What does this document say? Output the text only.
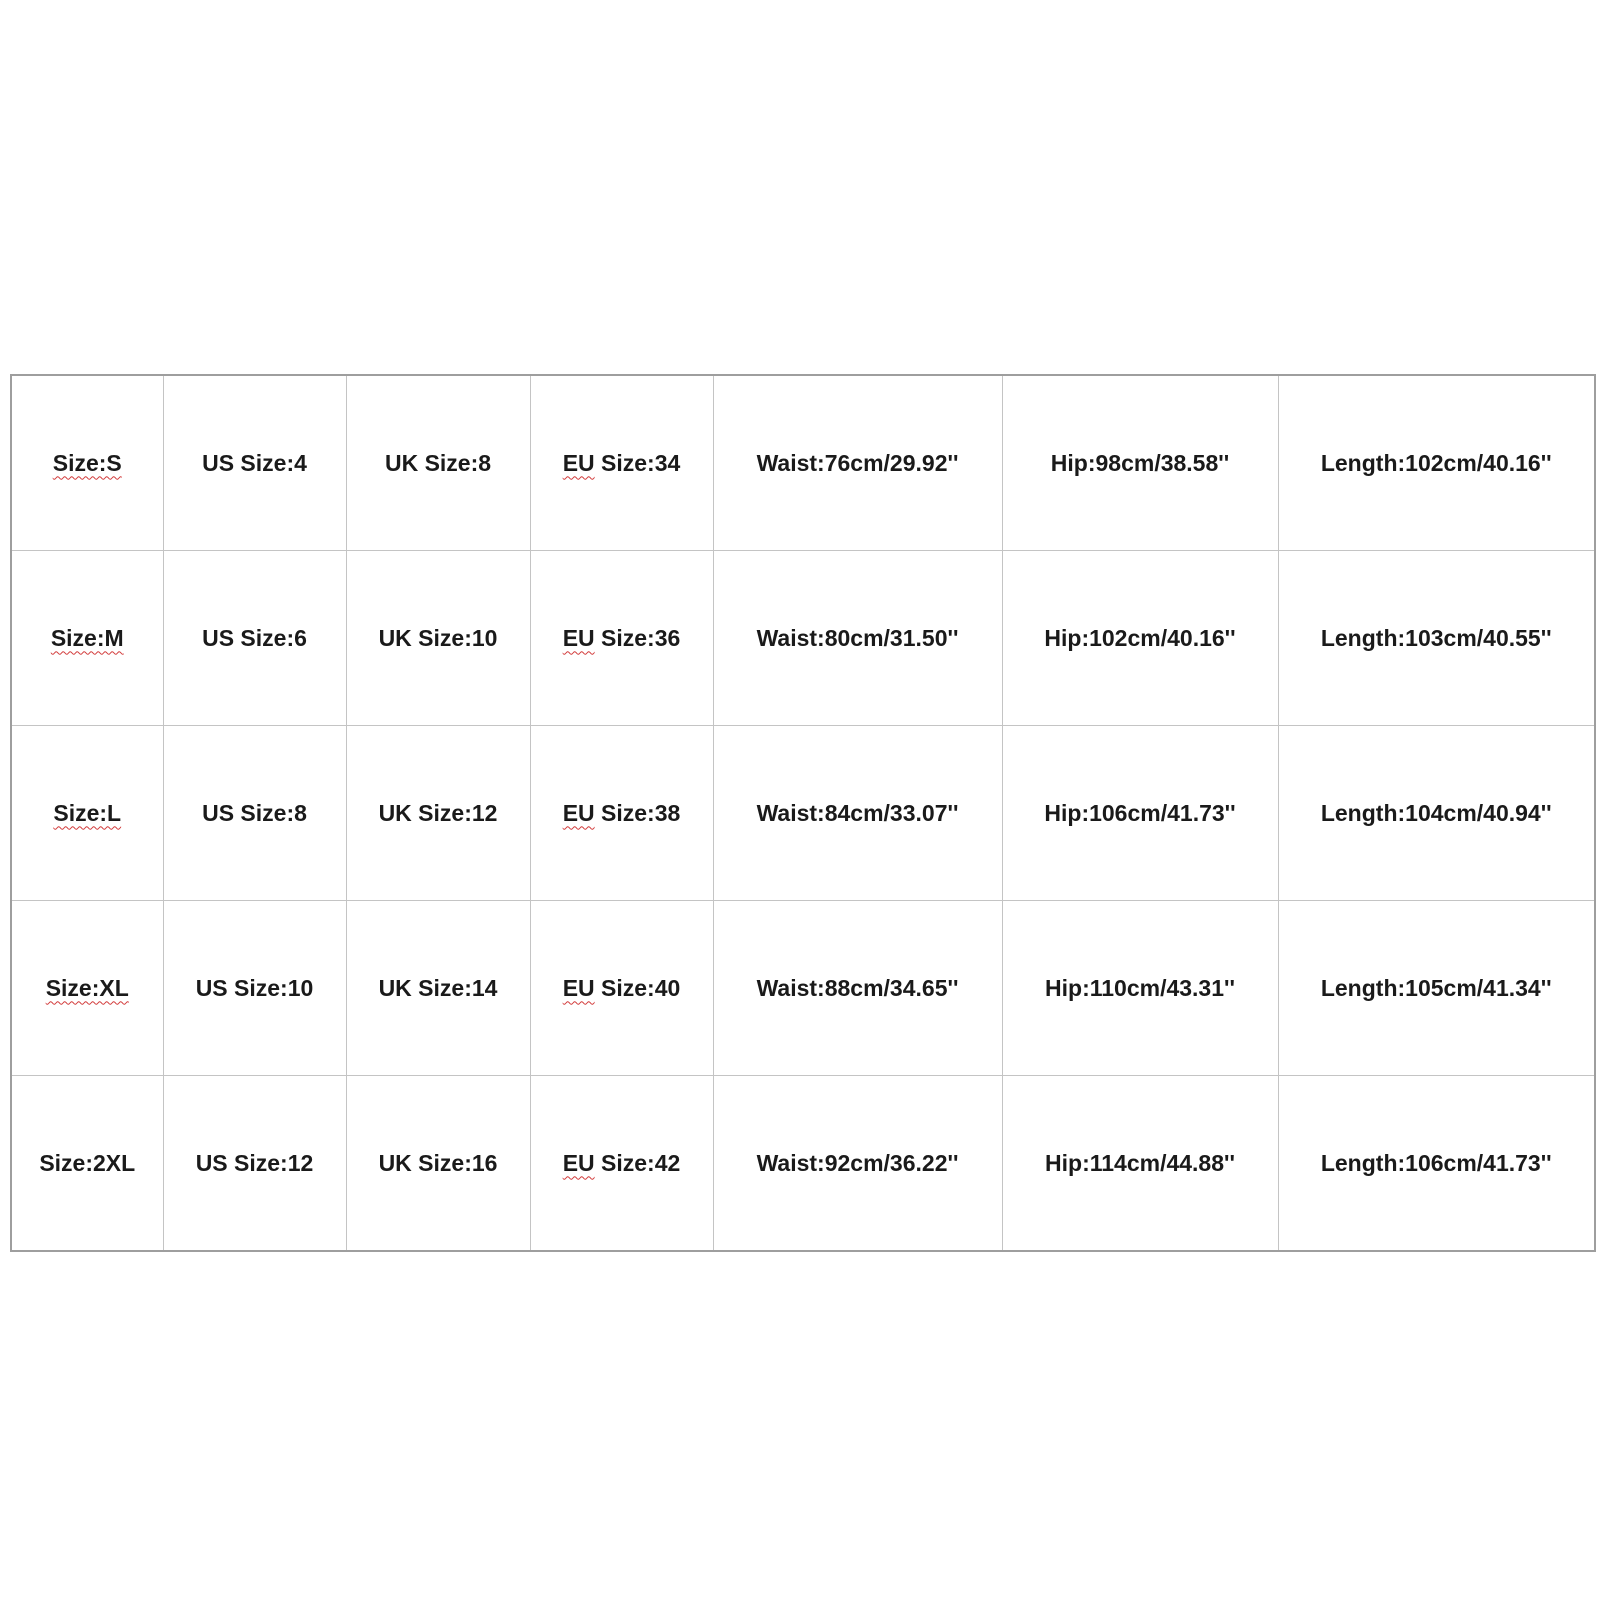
Size:S	US Size:4	UK Size:8	EU Size:34	Waist:76cm/29.92''	Hip:98cm/38.58''	Length:102cm/40.16''
Size:M	US Size:6	UK Size:10	EU Size:36	Waist:80cm/31.50''	Hip:102cm/40.16''	Length:103cm/40.55''
Size:L	US Size:8	UK Size:12	EU Size:38	Waist:84cm/33.07''	Hip:106cm/41.73''	Length:104cm/40.94''
Size:XL	US Size:10	UK Size:14	EU Size:40	Waist:88cm/34.65''	Hip:110cm/43.31''	Length:105cm/41.34''
Size:2XL	US Size:12	UK Size:16	EU Size:42	Waist:92cm/36.22''	Hip:114cm/44.88''	Length:106cm/41.73''
